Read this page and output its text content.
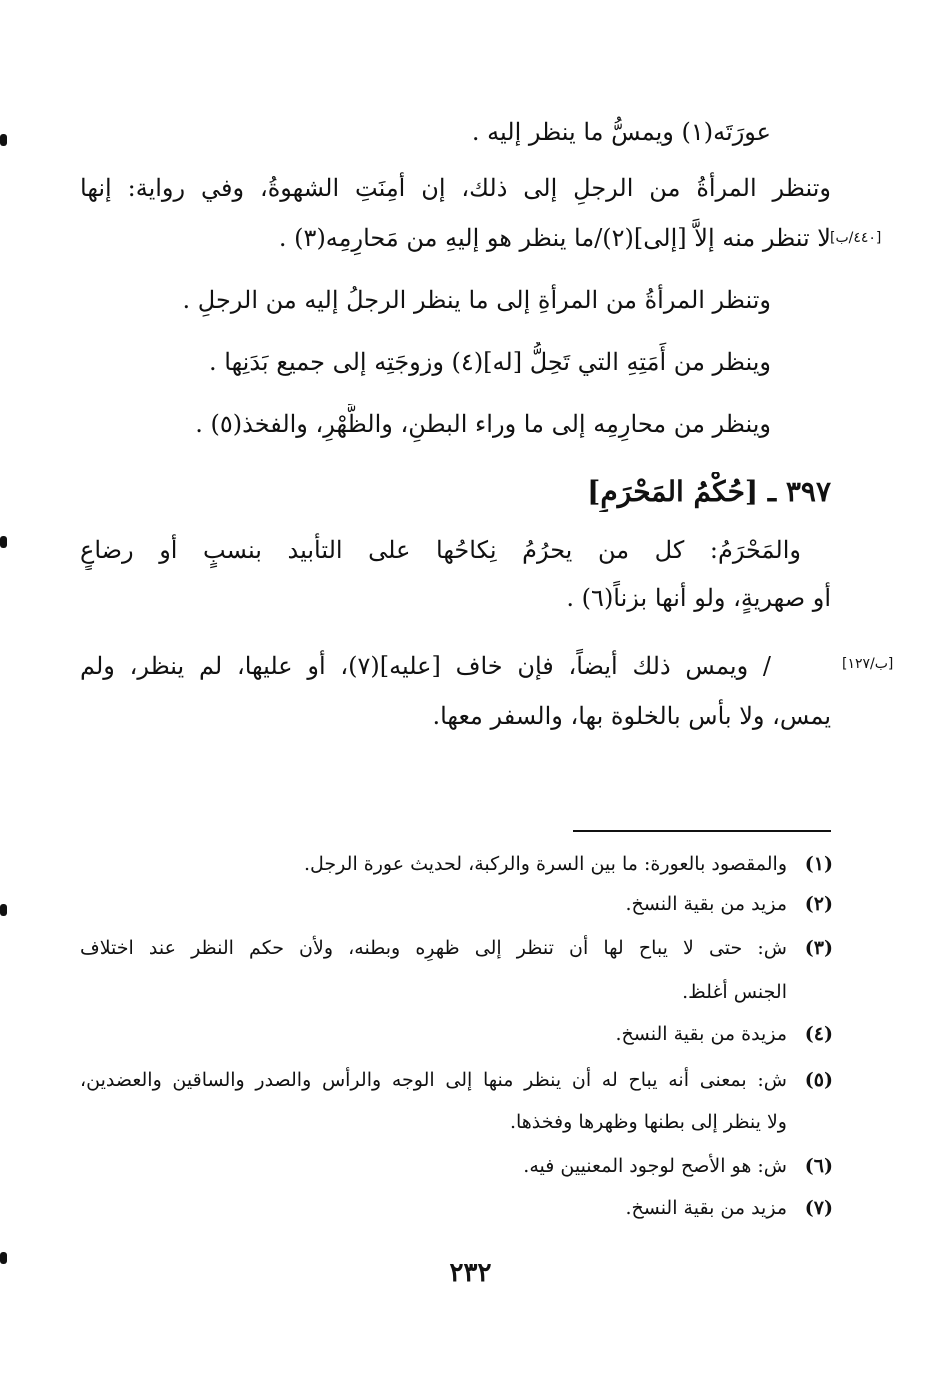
عورَتَه(١) ويمسُّ ما ينظر إليه .
وتنظر المرأةُ من الرجلِ إلى ذلك، إن أمِنَتِ الشهوةُ، وفي رواية: إنها
لا تنظر منه إلاَّ [إلى](٢)/ما ينظر هو إليهِ من مَحارِمِه(٣) . [٤٤٠/ب]
وتنظر المرأةُ من المرأةِ إلى ما ينظر الرجلُ إليه من الرجلِ .
وينظر من أَمَتِهِ التي تَحِلُّ [له](٤) وزوجَتِه إلى جميع بَدَنِها .
وينظر من محارِمِه إلى ما وراء البطنِ، والظَّهْرِ، والفخذ(٥) .
٣٩٧ ـ [حُكْمُ المَحْرَمِ]
والمَحْرَمُ: كل من يحرُمُ نِكاحُها على التأبيد بنسبٍ أو رضاعٍ
أو صهريةٍ، ولو أنها بزناً(٦) .
/ ويمس ذلك أيضاً، فإن خاف [عليه](٧)، أو عليها، لم ينظر، ولم	[ب/١٢٧]
يمس، ولا بأس بالخلوة بها، والسفر معها.
(١)والمقصود بالعورة: ما بين السرة والركبة، لحديث عورة الرجل.
(٢)مزيد من بقية النسخ.
(٣)ش: حتى لا يباح لها أن تنظر إلى ظهرِه وبطنه، ولأن حكم النظر عند اختلاف
الجنس أغلظ.
(٤)مزيدة من بقية النسخ.
(٥)ش: بمعنى أنه يباح له أن ينظر منها إلى الوجه والرأس والصدر والساقين والعضدين،
ولا ينظر إلى بطنها وظهرها وفخذها.
(٦)ش: هو الأصح لوجود المعنيين فيه.
(٧)مزيد من بقية النسخ.
٢٣٢
